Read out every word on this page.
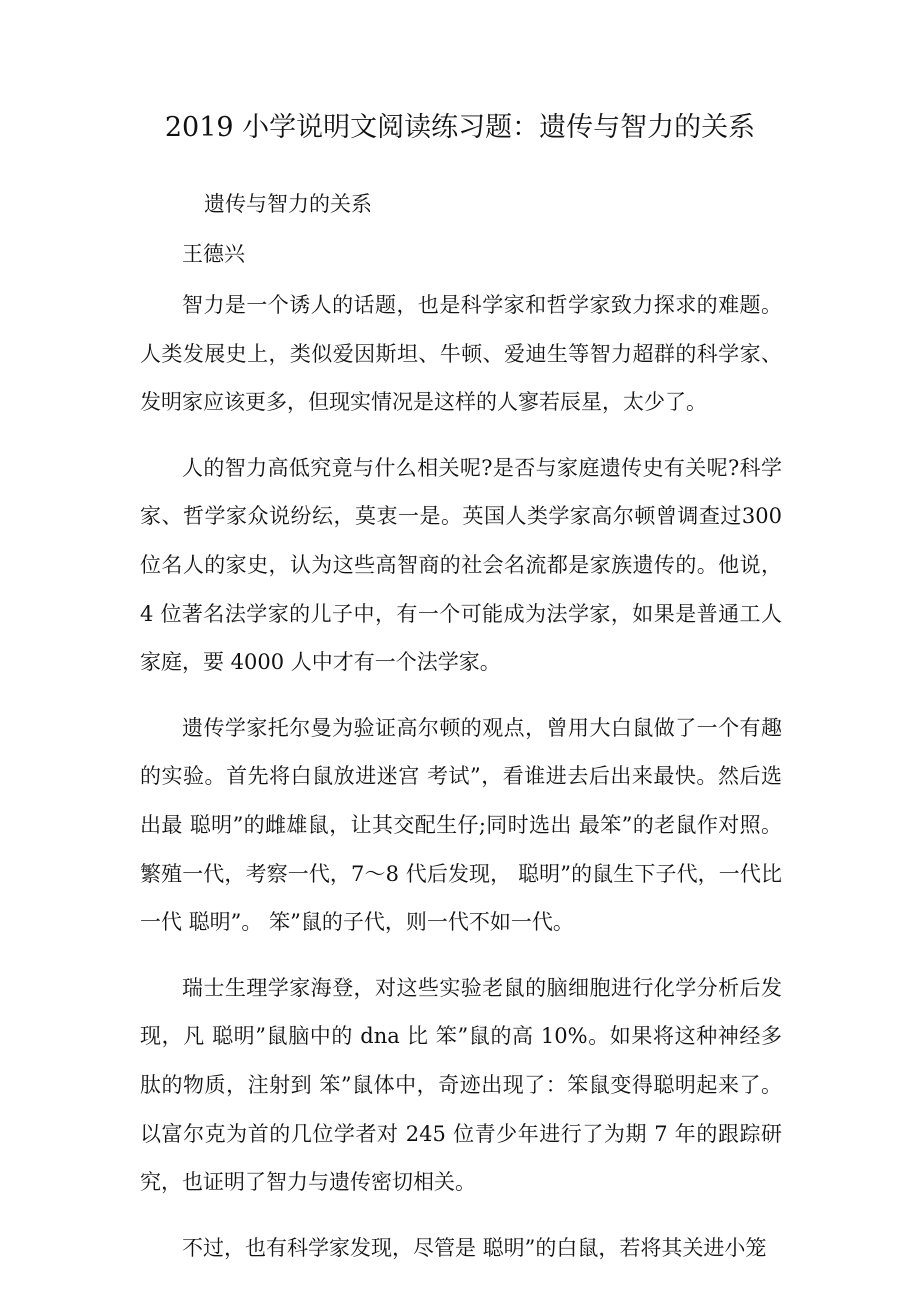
2019 小学说明文阅读练习题：遗传与智力的关系

遗传与智力的关系

王德兴

智力是一个诱人的话题，也是科学家和哲学家致力探求的难题。人类发展史上，类似爱因斯坦、牛顿、爱迪生等智力超群的科学家、发明家应该更多，但现实情况是这样的人寥若辰星，太少了。

人的智力高低究竟与什么相关呢?是否与家庭遗传史有关呢?科学家、哲学家众说纷纭，莫衷一是。英国人类学家高尔顿曾调查过300 位名人的家史，认为这些高智商的社会名流都是家族遗传的。他说，4 位著名法学家的儿子中，有一个可能成为法学家，如果是普通工人家庭，要 4000 人中才有一个法学家。

遗传学家托尔曼为验证高尔顿的观点，曾用大白鼠做了一个有趣的实验。首先将白鼠放进迷宫 考试”，看谁进去后出来最快。然后选出最 聪明”的雌雄鼠，让其交配生仔;同时选出 最笨”的老鼠作对照。繁殖一代，考察一代，7～8 代后发现， 聪明”的鼠生下子代，一代比一代 聪明”。 笨”鼠的子代，则一代不如一代。

瑞士生理学家海登，对这些实验老鼠的脑细胞进行化学分析后发现，凡 聪明”鼠脑中的 dna 比 笨”鼠的高 10%。如果将这种神经多肽的物质，注射到 笨”鼠体中，奇迹出现了：笨鼠变得聪明起来了。以富尔克为首的几位学者对 245 位青少年进行了为期 7 年的跟踪研究，也证明了智力与遗传密切相关。

不过，也有科学家发现，尽管是 聪明”的白鼠，若将其关进小笼
